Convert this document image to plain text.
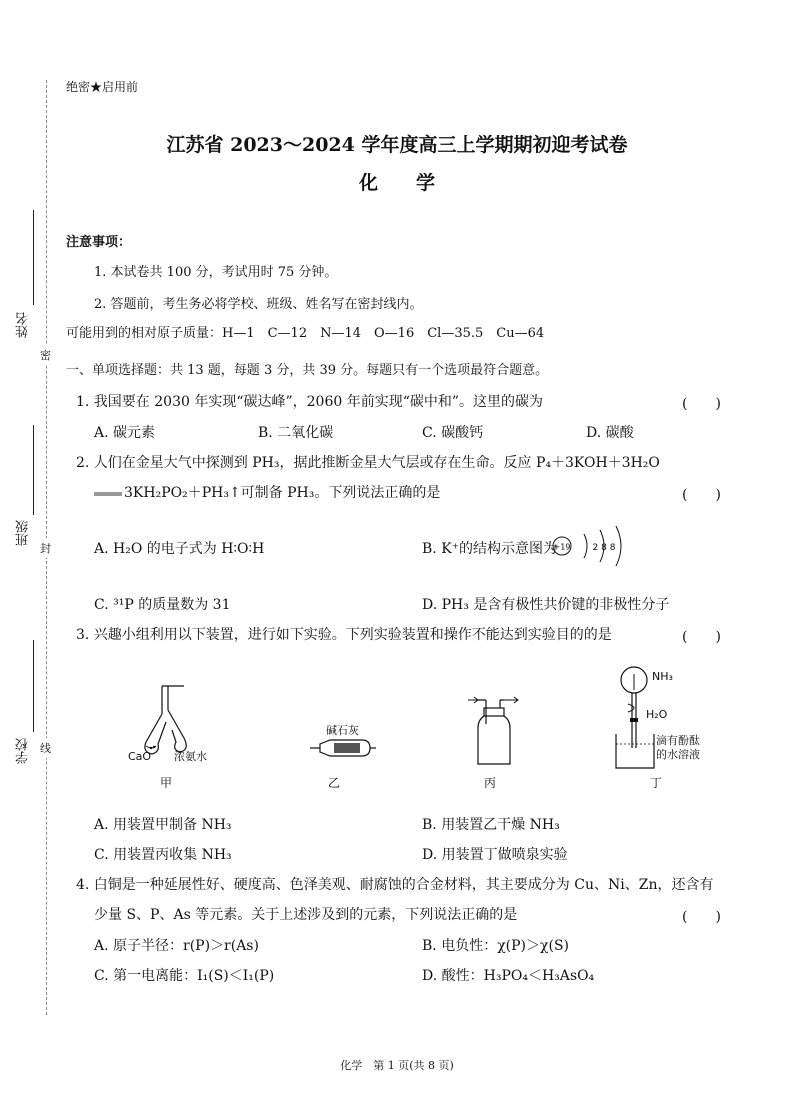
密
封
线
姓名
班级
学校
绝密★启用前
江苏省 2023～2024 学年度高三上学期期初迎考试卷
化　　学
注意事项：
1. 本试卷共 100 分，考试用时 75 分钟。
2. 答题前，考生务必将学校、班级、姓名写在密封线内。
可能用到的相对原子质量：H—1　C—12　N—14　O—16　Cl—35.5　Cu—64
一、单项选择题：共 13 题，每题 3 分，共 39 分。每题只有一个选项最符合题意。
1. 我国要在 2030 年实现“碳达峰”，2060 年前实现“碳中和”。这里的碳为	(　　)
A. 碳元素	B. 二氧化碳	C. 碳酸钙	D. 碳酸
2. 人们在金星大气中探测到 PH₃，据此推断金星大气层或存在生命。反应 P₄＋3KOH＋3H₂O
3KH₂PO₂＋PH₃↑可制备 PH₃。下列说法正确的是	(　　)
A. H₂O 的电子式为 H∶O∶H	B. K⁺的结构示意图为
+19 2 8 8
C. ³¹P 的质量数为 31	D. PH₃ 是含有极性共价键的非极性分子
3. 兴趣小组利用以下装置，进行如下实验。下列实验装置和操作不能达到实验目的的是	(　　)
CaO 浓氨水
甲
碱石灰
乙	丙
NH₃
H₂O
滴有酚酞
的水溶液
丁
A. 用装置甲制备 NH₃	B. 用装置乙干燥 NH₃
C. 用装置丙收集 NH₃	D. 用装置丁做喷泉实验
4. 白铜是一种延展性好、硬度高、色泽美观、耐腐蚀的合金材料，其主要成分为 Cu、Ni、Zn，还含有
少量 S、P、As 等元素。关于上述涉及到的元素，下列说法正确的是	(　　)
A. 原子半径：r(P)＞r(As)	B. 电负性：χ(P)＞χ(S)
C. 第一电离能：I₁(S)＜I₁(P)	D. 酸性：H₃PO₄＜H₃AsO₄
化学　第 1 页(共 8 页)
